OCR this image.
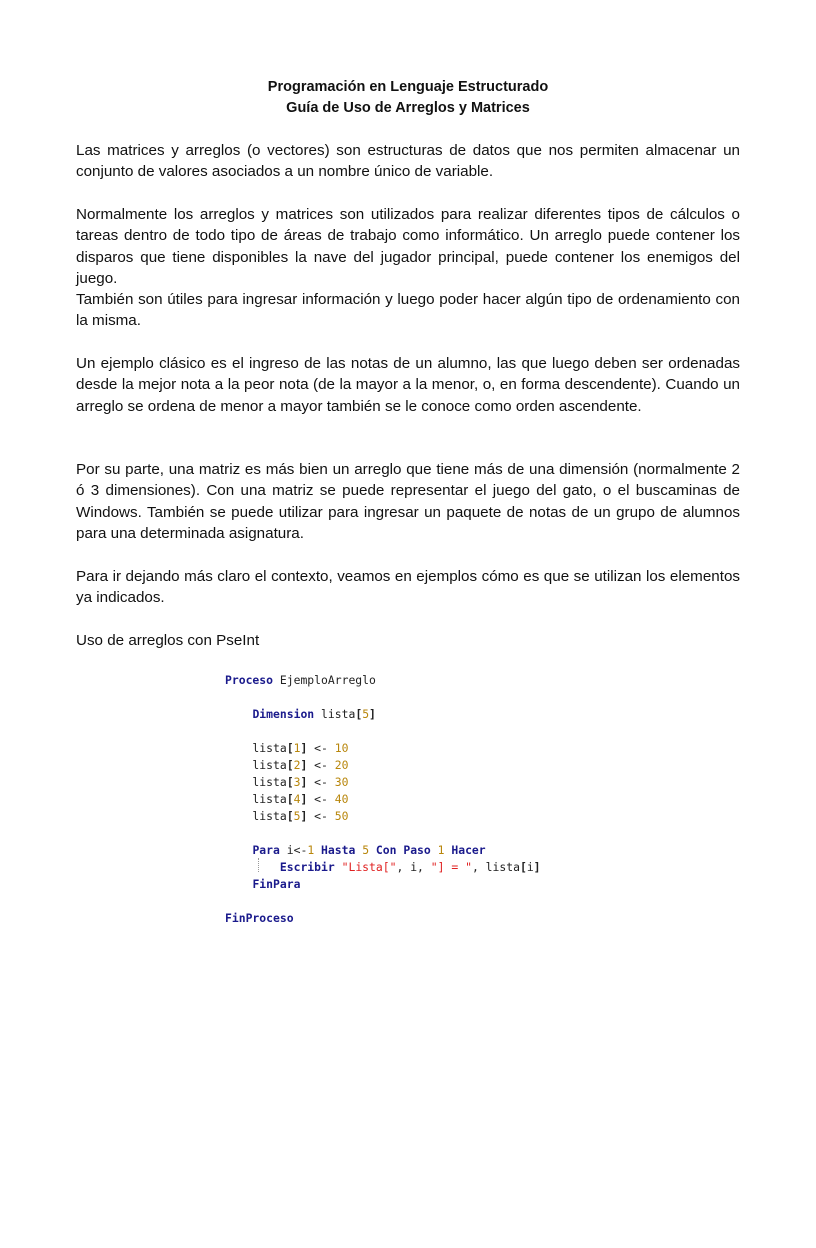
Programación en Lenguaje Estructurado

Guía de Uso de Arreglos y Matrices

Las matrices y arreglos (o vectores) son estructuras de datos que nos permiten almacenar un conjunto de valores asociados a un nombre único de variable.

Normalmente los arreglos y matrices son utilizados para realizar diferentes tipos de cálculos o tareas dentro de todo tipo de áreas de trabajo como informático. Un arreglo puede contener los disparos que tiene disponibles la nave del jugador principal, puede contener los enemigos del juego.

También son útiles para ingresar información y luego poder hacer algún tipo de ordenamiento con la misma.

Un ejemplo clásico es el ingreso de las notas de un alumno, las que luego deben ser ordenadas desde la mejor nota a la peor nota (de la mayor a la menor, o, en forma descendente). Cuando un arreglo se ordena de menor a mayor también se le conoce como orden ascendente.

Por su parte, una matriz es más bien un arreglo que tiene más de una dimensión (normalmente 2 ó 3 dimensiones). Con una matriz se puede representar el juego del gato, o el buscaminas de Windows. También se puede utilizar para ingresar un paquete de notas de un grupo de alumnos para una determinada asignatura.

Para ir dejando más claro el contexto, veamos en ejemplos cómo es que se utilizan los elementos ya indicados.

Uso de arreglos con PseInt

Proceso EjemploArreglo
Dimension lista[5]
lista[1] <- 10
lista[2] <- 20
lista[3] <- 30
lista[4] <- 40
lista[5] <- 50
Para i<-1 Hasta 5 Con Paso 1 Hacer
Escribir "Lista[", i, "] = ", lista[i]
FinPara
FinProceso
